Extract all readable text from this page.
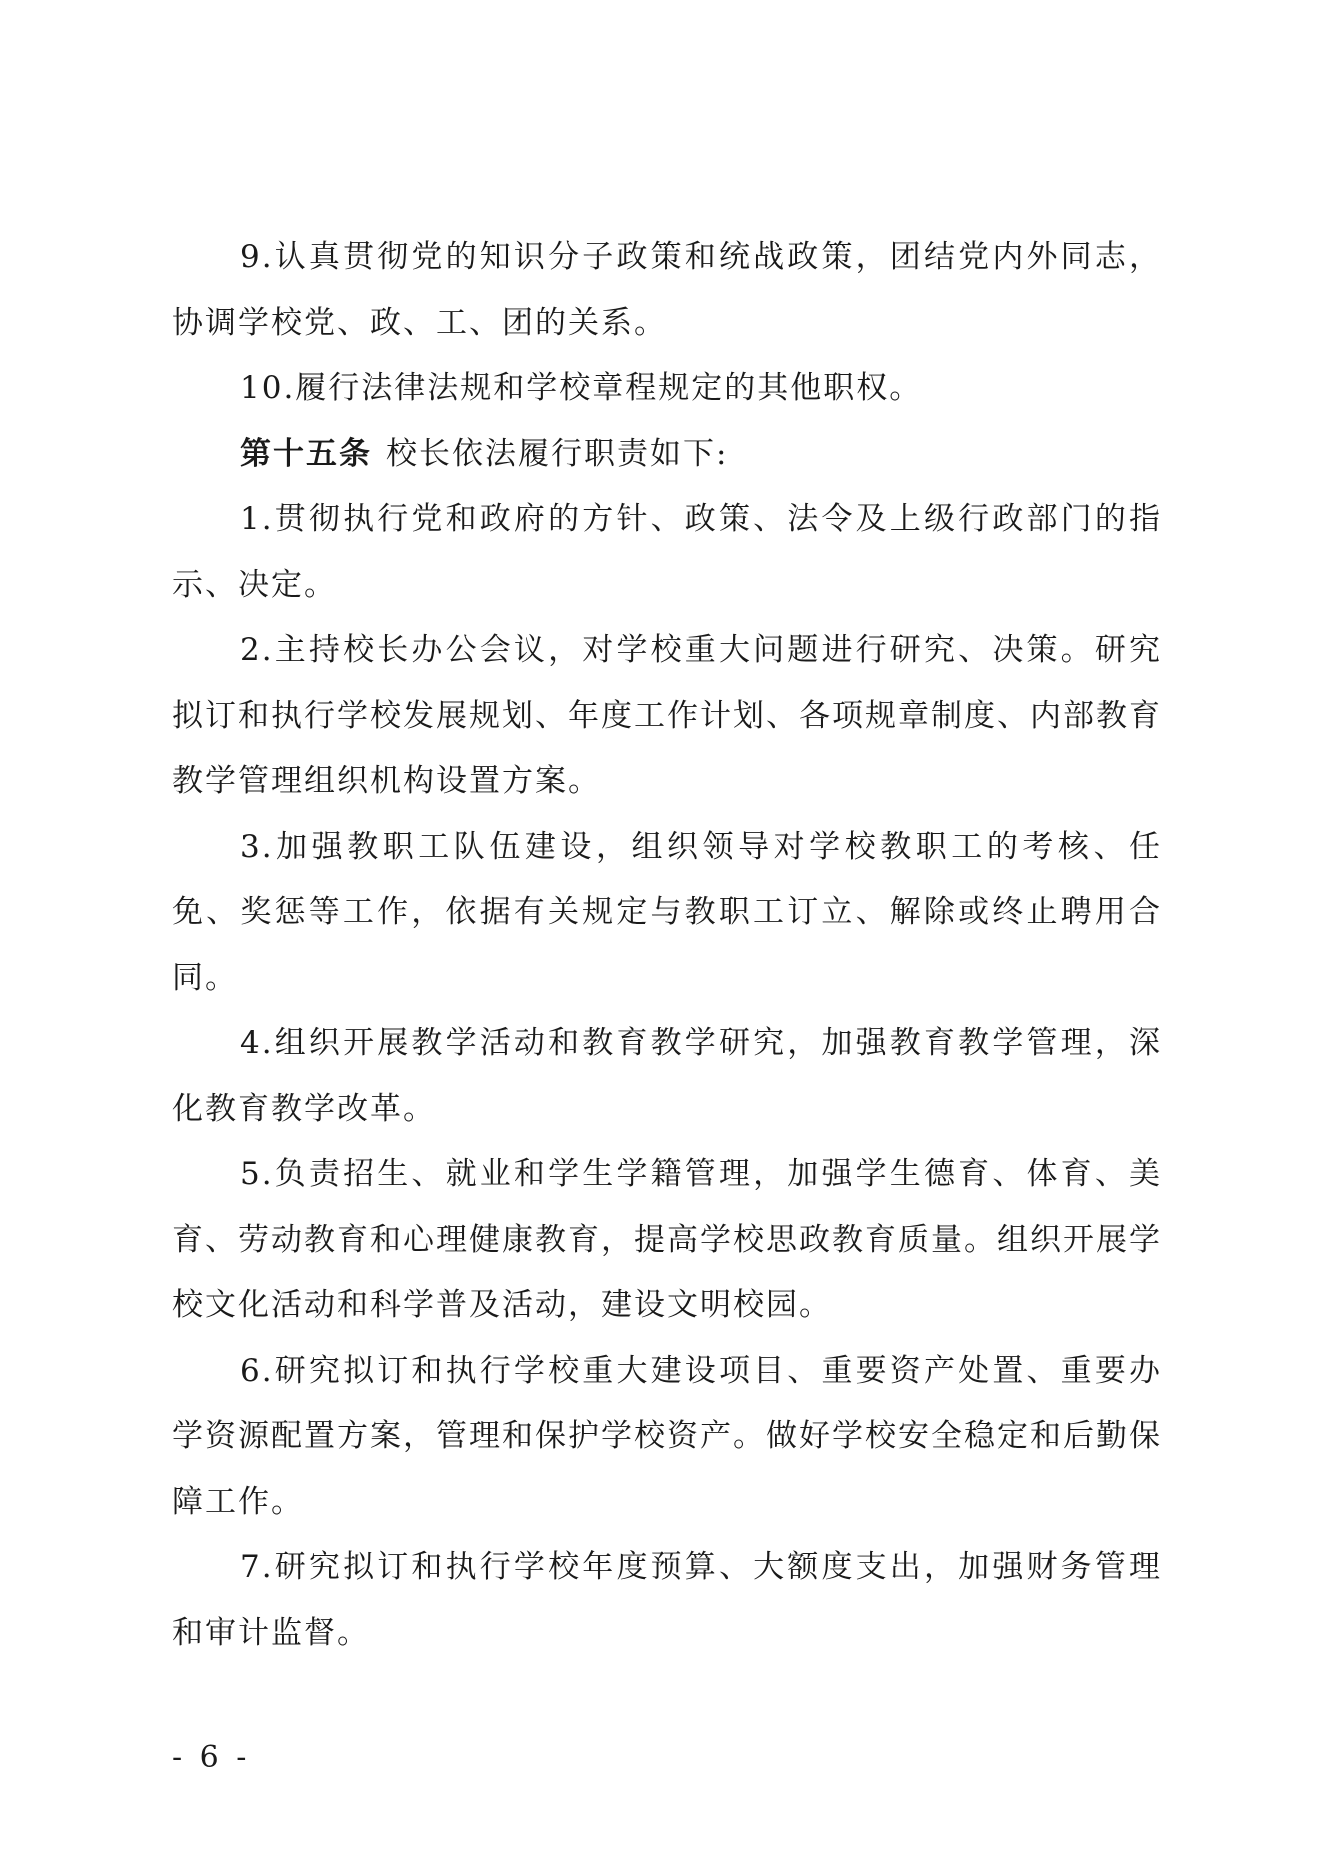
9.认真贯彻党的知识分子政策和统战政策，团结党内外同志，协调学校党、政、工、团的关系。

10.履行法律法规和学校章程规定的其他职权。

第十五条 校长依法履行职责如下:

1.贯彻执行党和政府的方针、政策、法令及上级行政部门的指示、决定。

2.主持校长办公会议，对学校重大问题进行研究、决策。研究拟订和执行学校发展规划、年度工作计划、各项规章制度、内部教育教学管理组织机构设置方案。

3.加强教职工队伍建设，组织领导对学校教职工的考核、任免、奖惩等工作，依据有关规定与教职工订立、解除或终止聘用合同。

4.组织开展教学活动和教育教学研究，加强教育教学管理，深化教育教学改革。

5.负责招生、就业和学生学籍管理，加强学生德育、体育、美育、劳动教育和心理健康教育，提高学校思政教育质量。组织开展学校文化活动和科学普及活动，建设文明校园。

6.研究拟订和执行学校重大建设项目、重要资产处置、重要办学资源配置方案，管理和保护学校资产。做好学校安全稳定和后勤保障工作。

7.研究拟订和执行学校年度预算、大额度支出，加强财务管理和审计监督。

- 6 -
